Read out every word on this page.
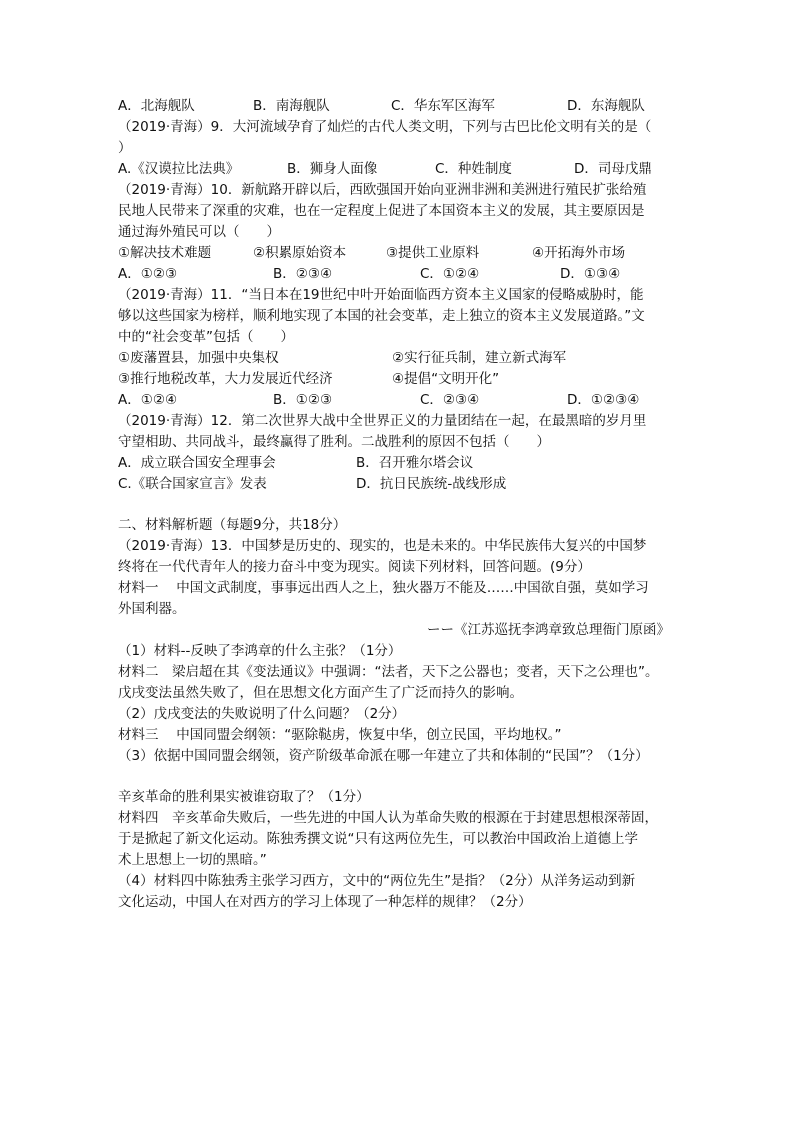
A．北海舰队	B．南海舰队	C．华东军区海军	D．东海舰队
（2019·青海）9．大河流域孕育了灿烂的古代人类文明，下列与古巴比伦文明有关的是（
）
A.《汉谟拉比法典》	B．狮身人面像	C．种姓制度	D．司母戊鼎
（2019·青海）10．新航路开辟以后，西欧强国开始向亚洲非洲和美洲进行殖民扩张给殖
民地人民带来了深重的灾难，也在一定程度上促进了本国资本主义的发展，其主要原因是
通过海外殖民可以（　　）
①解决技术难题	②积累原始资本	③提供工业原料	④开拓海外市场
A．①②③	B．②③④	C．①②④	D．①③④
（2019·青海）11．“当日本在19世纪中叶开始面临西方资本主义国家的侵略威胁时，能
够以这些国家为榜样，顺利地实现了本国的社会变革，走上独立的资本主义发展道路。”文
中的“社会变革”包括（　　）
①废藩置县，加强中央集权	②实行征兵制，建立新式海军
③推行地税改革，大力发展近代经济	④提倡“文明开化”
A．①②④	B．①②③	C．②③④	D．①②③④
（2019·青海）12．第二次世界大战中全世界正义的力量团结在一起，在最黑暗的岁月里
守望相助、共同战斗，最终赢得了胜利。二战胜利的原因不包括（　　）
A．成立联合国安全理事会	B．召开雅尔塔会议
C.《联合国家宣言》发表	D．抗日民族统-战线形成
二、材料解析题（每题9分，共18分）
（2019·青海）13．中国梦是历史的、现实的，也是未来的。中华民族伟大复兴的中国梦
终将在一代代青年人的接力奋斗中变为现实。阅读下列材料，回答问题。(9分）
材料一　 中国文武制度，事事远出西人之上，独火器万不能及……中国欲自强，莫如学习
外国利器。
ーー《江苏巡抚李鸿章致总理衙门原函》
（1）材料--反映了李鸿章的什么主张？（1分）
材料二　梁启超在其《变法通议》中强调：“法者，天下之公器也；变者，天下之公理也”。
戊戌变法虽然失败了，但在思想文化方面产生了广泛而持久的影响。
（2）戊戌变法的失败说明了什么问题？（2分）
材料三　 中国同盟会纲领：“驱除鞑虏，恢复中华，创立民国，平均地权。”
（3）依据中国同盟会纲领，资产阶级革命派在哪一年建立了共和体制的“民国”？（1分）
辛亥革命的胜利果实被谁窃取了？（1分）
材料四　辛亥革命失败后，一些先进的中国人认为革命失败的根源在于封建思想根深蒂固，
于是掀起了新文化运动。陈独秀撰文说“只有这两位先生，可以教治中国政治上道德上学
术上思想上一切的黑暗。”
（4）材料四中陈独秀主张学习西方，文中的“两位先生”是指？（2分）从洋务运动到新
文化运动，中国人在对西方的学习上体现了一种怎样的规律？（2分）
